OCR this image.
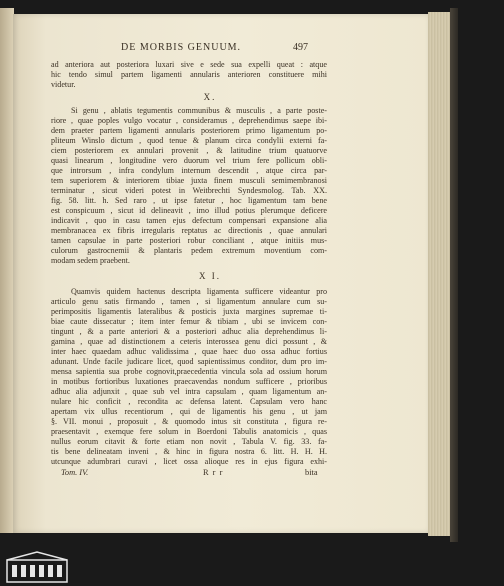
DE MORBIS GENUUM.	497
ad anteriora aut posteriora luxari sive e sede sua expelli queat : atque
hic tendo simul partem ligamenti annularis anterioren constituere mihi
videtur.
X.
Si genu , ablatis tegumentis communibus & musculis , a parte poste-
riore , quae poples vulgo vocatur , consideramus , deprehendimus saepe ibi-
dem praeter partem ligamenti annularis posteriorem primo ligamentum po-
pliteum Winslo dictum , quod tenue & planum circa condylii externi fa-
ciem posteriorem ex annulari provenit , & latitudine trium quatuorve
quasi linearum , longitudine vero duorum vel trium fere pollicum obli-
que introrsum , infra condylum internum descendit , atque circa par-
tem superiorem & interiorem tibiae juxta finem musculi semimembranosi
terminatur , sicut videri potest in Weitbrechti Syndesmolog. Tab. XX.
fig. 58. litt. h. Sed raro , ut ipse fatetur , hoc ligamentum tam bene
est conspicuum , sicut id delineavit , imo illud potius plerumque deficere
indicavit , quo in casu tamen ejus defectum compensari expansione alia
membranacea ex fibris irregularis reptatus ac directionis , quae annulari
tamen capsulae in parte posteriori robur conciliant , atque initiis mus-
culorum gastrocnemii & plantaris pedem extremum moventium com-
modam sedem praebent.
X I.
Quamvis quidem hactenus descripta ligamenta sufficere videantur pro
articulo genu satis firmando , tamen , si ligamentum annulare cum su-
perimpositis ligamentis lateralibus & posticis juxta margines supremae ti-
biae caute dissecatur ; item inter femur & tibiam , ubi se invicem con-
tingunt , & a parte anteriori & a posteriori adhuc alia deprehendimus li-
gamina , quae ad distinctionem a ceteris interossea genu dici possunt , &
inter haec quaedam adhuc validissima , quae haec duo ossa adhuc fortius
adunant. Unde facile judicare licet, quod sapientissimus conditor, dum pro im-
mensa sapientia sua probe cognovit,praecedentia vincula sola ad ossium horum
in motibus fortioribus luxationes praecavendas nondum sufficere , prioribus
adhuc alia adjunxit , quae sub vel intra capsulam , quam ligamentum an-
nulare hic conficit , recondita ac defensa latent. Capsulam vero hanc
apertam vix ullus recentiorum , qui de ligamentis his genu , ut jam
§. VII. monui , proposuit , & quomodo intus sit constituta , figura re-
praesentavit , exemque fere solum in Boerdoni Tabulis anatomicis , quas
nullus eorum citavit & forte etiam non novit , Tabula V. fig. 33. fa-
tis bene delineatam inveni , & hinc in figura nostra 6. litt. H. H. H.
utcunque adumbrari curavi , licet ossa alioque res in ejus figura exhi-
Tom. IV.	R r r	bita
